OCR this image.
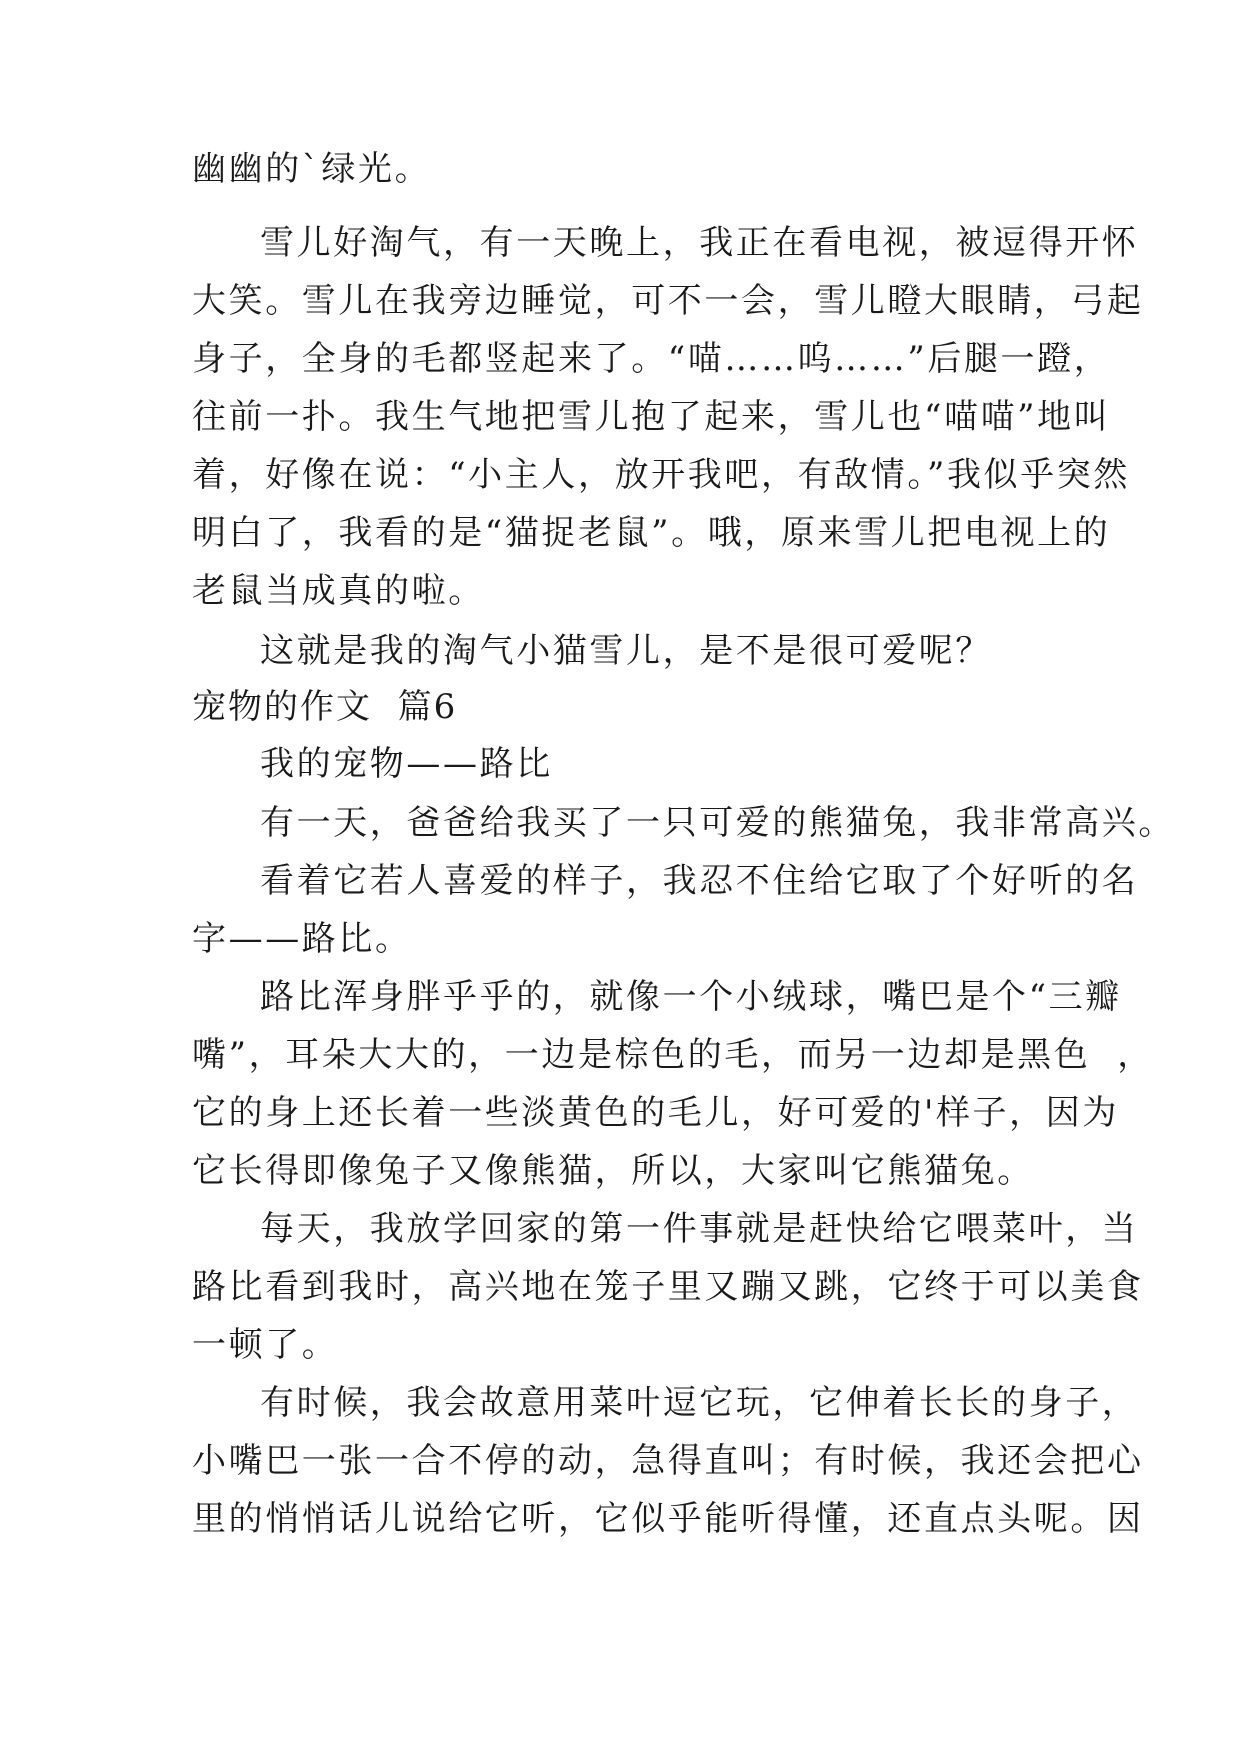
幽幽的`绿光。
雪儿好淘气，有一天晚上，我正在看电视，被逗得开怀
大笑。雪儿在我旁边睡觉，可不一会，雪儿瞪大眼睛，弓起
身子，全身的毛都竖起来了。“喵……呜……”后腿一蹬，
往前一扑。我生气地把雪儿抱了起来，雪儿也“喵喵”地叫
着，好像在说：“小主人，放开我吧，有敌情。”我似乎突然
明白了，我看的是“猫捉老鼠”。哦，原来雪儿把电视上的
老鼠当成真的啦。
这就是我的淘气小猫雪儿，是不是很可爱呢？
宠物的作文  篇6
我的宠物——路比
有一天，爸爸给我买了一只可爱的熊猫兔，我非常高兴。
看着它若人喜爱的样子，我忍不住给它取了个好听的名
字——路比。
路比浑身胖乎乎的，就像一个小绒球，嘴巴是个“三瓣
嘴”，耳朵大大的，一边是棕色的毛，而另一边却是黑色  ，
它的身上还长着一些淡黄色的毛儿，好可爱的'样子，因为
它长得即像兔子又像熊猫，所以，大家叫它熊猫兔。
每天，我放学回家的第一件事就是赶快给它喂菜叶，当
路比看到我时，高兴地在笼子里又蹦又跳，它终于可以美食
一顿了。
有时候，我会故意用菜叶逗它玩，它伸着长长的身子，
小嘴巴一张一合不停的动，急得直叫；有时候，我还会把心
里的悄悄话儿说给它听，它似乎能听得懂，还直点头呢。因
